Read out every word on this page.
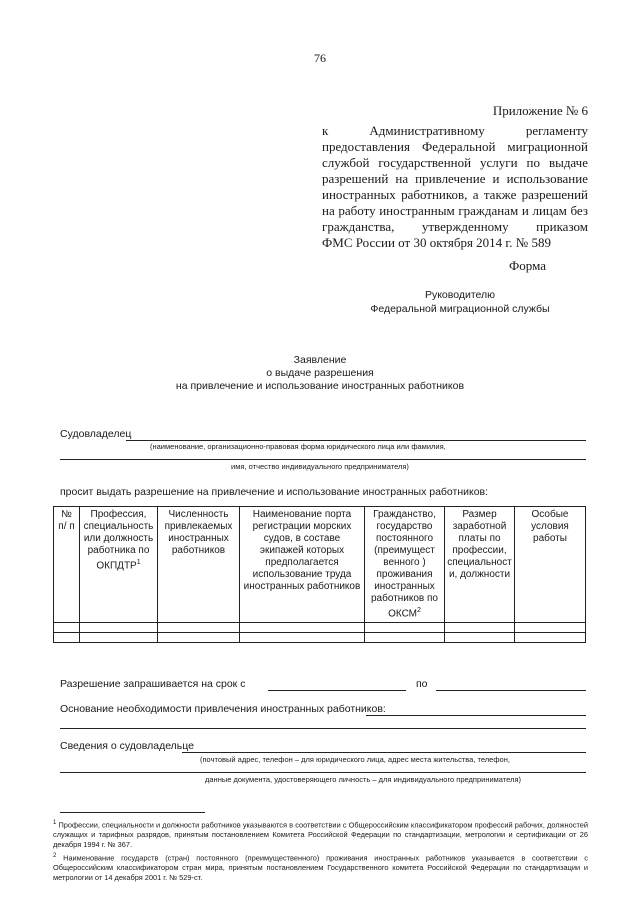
76
Приложение № 6
к Административному регламенту
предоставления Федеральной миграционной
службой государственной услуги по выдаче
разрешений на привлечение и использование
иностранных работников, а также разрешений
на работу иностранным гражданам и лицам без
гражданства, утвержденному приказом
ФМС России от 30 октября 2014 г. № 589
Форма
Руководителю
Федеральной миграционной службы
Заявление
о выдаче разрешения
на привлечение и использование иностранных работников
Судовладелец
(наименование, организационно-правовая форма юридического лица или фамилия,
имя, отчество индивидуального предпринимателя)
просит выдать разрешение на привлечение и использование иностранных работников:
№ п/ п	Профессия, специальность или должность работника по ОКПДТР$^1$	Численность привлекаемых иностранных работников	Наименование порта регистрации морских судов, в составе экипажей которых предполагается использование труда иностранных работников	Гражданство, государство постоянного (преимущест венного ) проживания иностранных работников по ОКСМ$^2$	Размер заработной платы по профессии, специальност и, должности	Особые условия работы

Разрешение запрашивается на срок с	по
Основание необходимости привлечения иностранных работников:
Сведения о судовладельце
(почтовый адрес, телефон – для юридического лица, адрес места жительства, телефон,
данные документа, удостоверяющего личность – для индивидуального предпринимателя)
$^1$ Профессии, специальности и должности работников указываются в соответствии с Общероссийским классификатором профессий рабочих, должностей служащих и тарифных разрядов, принятым постановлением Комитета Российской Федерации по стандартизации, метрологии и сертификации от 26 декабря 1994 г. № 367.
$^2$ Наименование государств (стран) постоянного (преимущественного) проживания иностранных работников указывается в соответствии с Общероссийским классификатором стран мира, принятым постановлением Государственного комитета Российской Федерации по стандартизации и метрологии от 14 декабря 2001 г. № 529-ст.
